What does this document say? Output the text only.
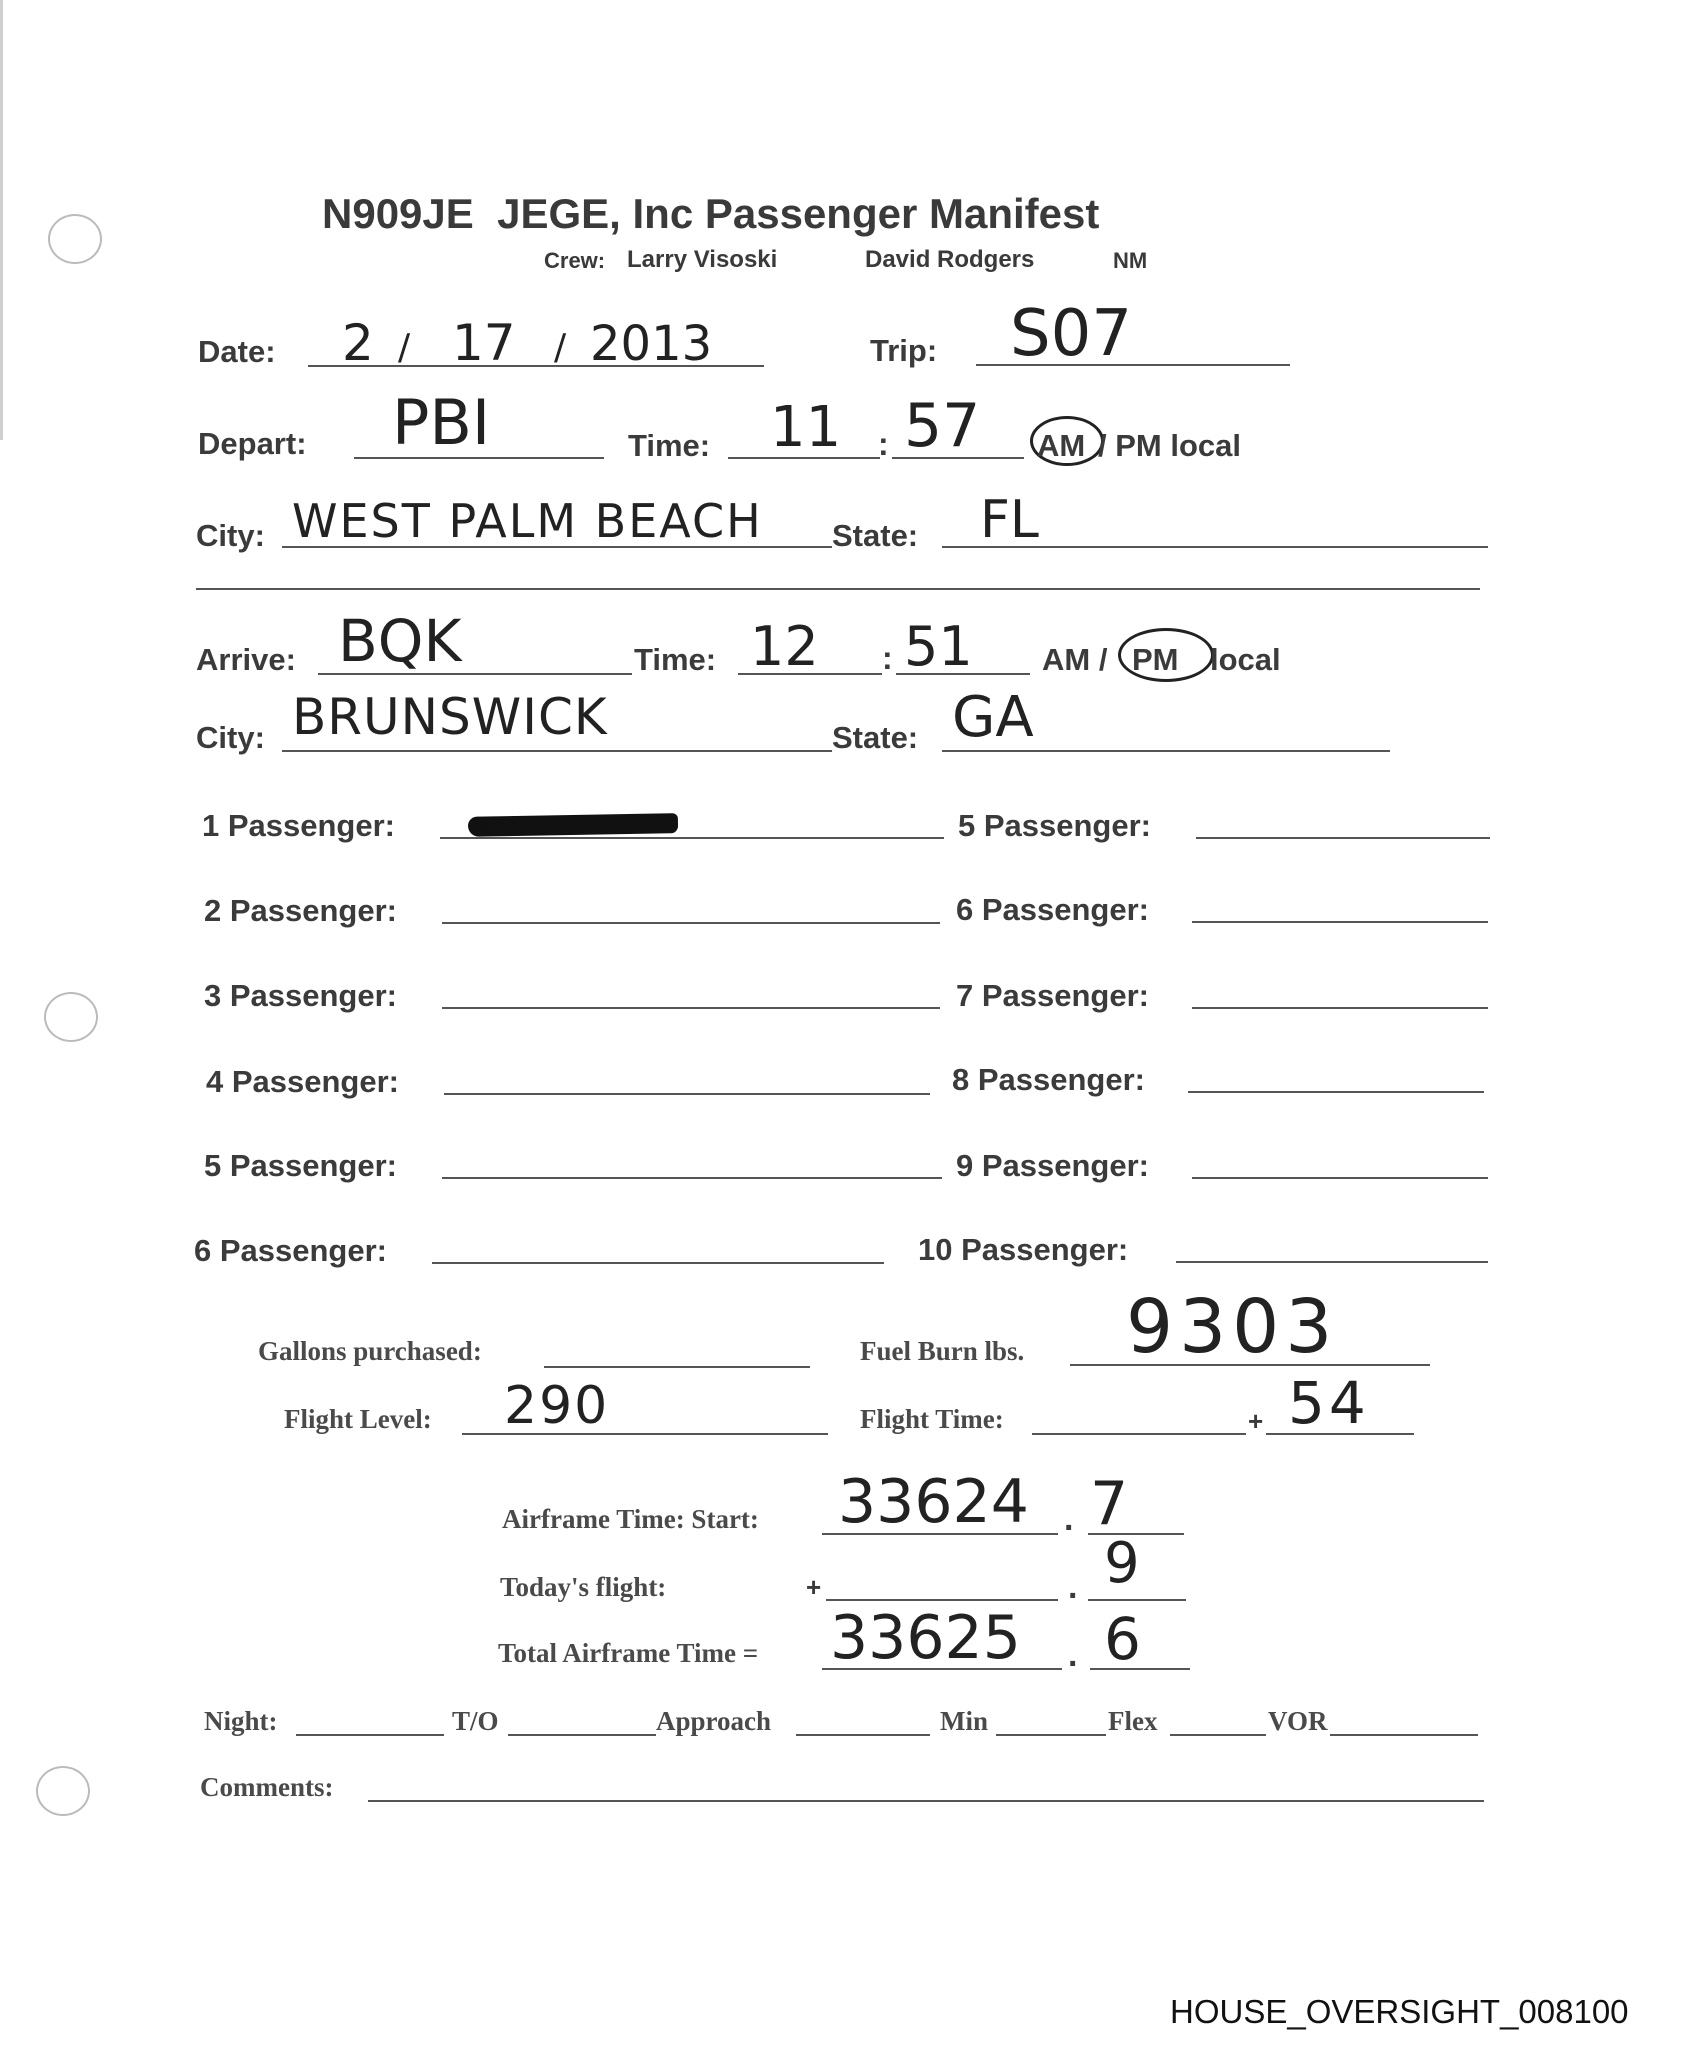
N909JE  JEGE, Inc Passenger Manifest
Crew: Larry Visoski	David Rodgers	NM
Date: 2 / 17 / 2013	Trip: S07
Depart: PBI	Time: 11 : 57 AM / PM local
City: WEST PALM BEACH State: FL
Arrive: BQK	Time: 12 : 51 AM / PM local
City: BRUNSWICK	State: GA
1 Passenger:	Jeffrey Epstein
2 Passenger:
3 Passenger:
4 Passenger:
5 Passenger:
6 Passenger:
5 Passenger:
6 Passenger:
7 Passenger:
8 Passenger:
9 Passenger:
10 Passenger:
Gallons purchased:	Fuel Burn lbs. 9303
Flight Level: 290	Flight Time:	+ 54
Airframe Time: Start: 33624 . 7
Today's flight:	+	. 9
Total Airframe Time = 33625 . 6
Night:	T/O	Approach	Min	Flex	VOR
Comments:
HOUSE_OVERSIGHT_008100
